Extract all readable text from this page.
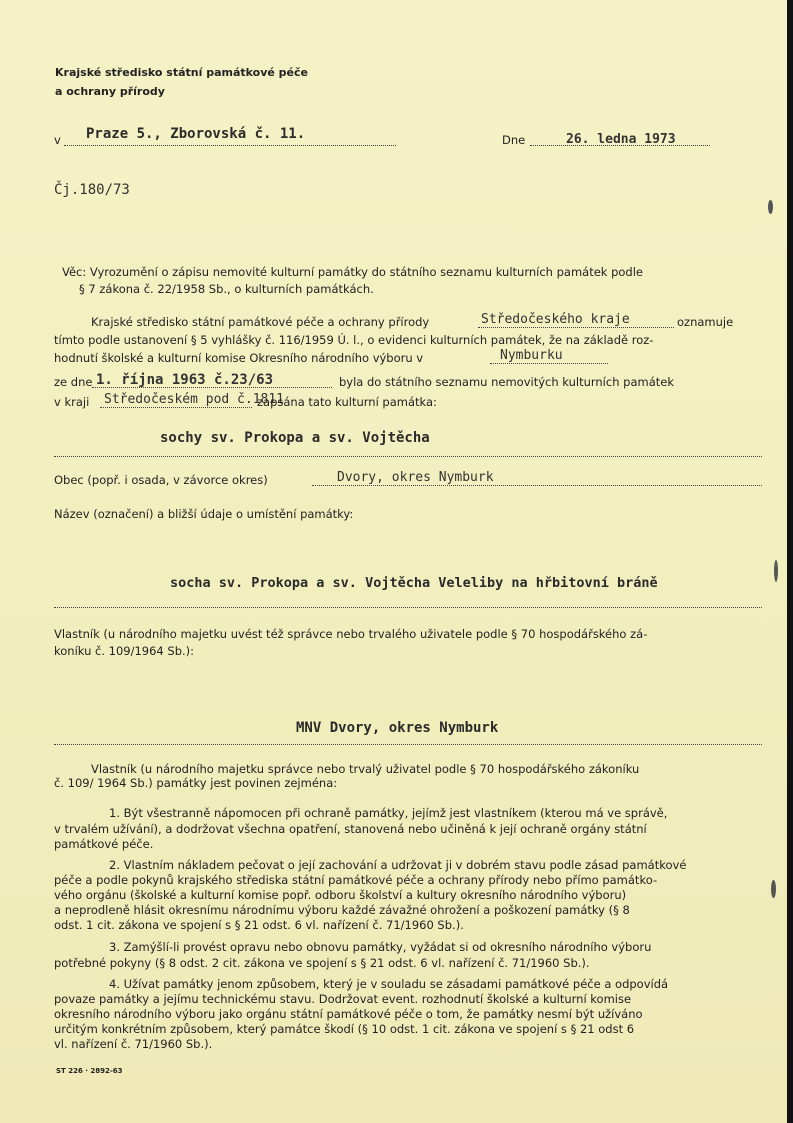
Krajské středisko státní památkové péče
a ochrany přírody
v Praze 5., Zborovská č. 11.	Dne	26. ledna 1973
Čj.180/73
Věc: Vyrozumění o zápisu nemovité kulturní památky do státního seznamu kulturních památek podle
§ 7 zákona č. 22/1958 Sb., o kulturních památkách.
Krajské středisko státní památkové péče a ochrany přírody	Středočeského kraje	oznamuje
tímto podle ustanovení § 5 vyhlášky č. 116/1959 Ú. l., o evidenci kulturních památek, že na základě roz-
hodnutí školské a kulturní komise Okresního národního výboru v	Nymburku
ze dne 1. října 1963 č.23/63	byla do státního seznamu nemovitých kulturních památek
v kraji Středočeském pod č.1811
zapsána tato kulturní památka:
sochy sv. Prokopa a sv. Vojtěcha
Obec (popř. i osada, v závorce okres)	Dvory, okres Nymburk
Název (označení) a bližší údaje o umístění památky:
socha sv. Prokopa a sv. Vojtěcha Veleliby na hřbitovní bráně
Vlastník (u národního majetku uvést též správce nebo trvalého uživatele podle § 70 hospodářského zá-
koníku č. 109/1964 Sb.):
MNV Dvory, okres Nymburk
Vlastník (u národního majetku správce nebo trvalý uživatel podle § 70 hospodářského zákoníku
č. 109/ 1964 Sb.) památky jest povinen zejména:
1. Být všestranně nápomocen při ochraně památky, jejímž jest vlastníkem (kterou má ve správě,
v trvalém užívání), a dodržovat všechna opatření, stanovená nebo učiněná k její ochraně orgány státní
památkové péče.
2. Vlastním nákladem pečovat o její zachování a udržovat ji v dobrém stavu podle zásad památkové
péče a podle pokynů krajského střediska státní památkové péče a ochrany přírody nebo přímo památko-
vého orgánu (školské a kulturní komise popř. odboru školství a kultury okresního národního výboru)
a neprodleně hlásit okresnímu národnímu výboru každé závažné ohrožení a poškození památky (§ 8
odst. 1 cit. zákona ve spojení s § 21 odst. 6 vl. nařízení č. 71/1960 Sb.).
3. Zamýšlí-li provést opravu nebo obnovu památky, vyžádat si od okresního národního výboru
potřebné pokyny (§ 8 odst. 2 cit. zákona ve spojení s § 21 odst. 6 vl. nařízení č. 71/1960 Sb.).
4. Užívat památky jenom způsobem, který je v souladu se zásadami památkové péče a odpovídá
povaze památky a jejímu technickému stavu. Dodržovat event. rozhodnutí školské a kulturní komise
okresního národního výboru jako orgánu státní památkové péče o tom, že památky nesmí být užíváno
určitým konkrétním způsobem, který památce škodí (§ 10 odst. 1 cit. zákona ve spojení s § 21 odst 6
vl. nařízení č. 71/1960 Sb.).
ST 226 · 2892-63
